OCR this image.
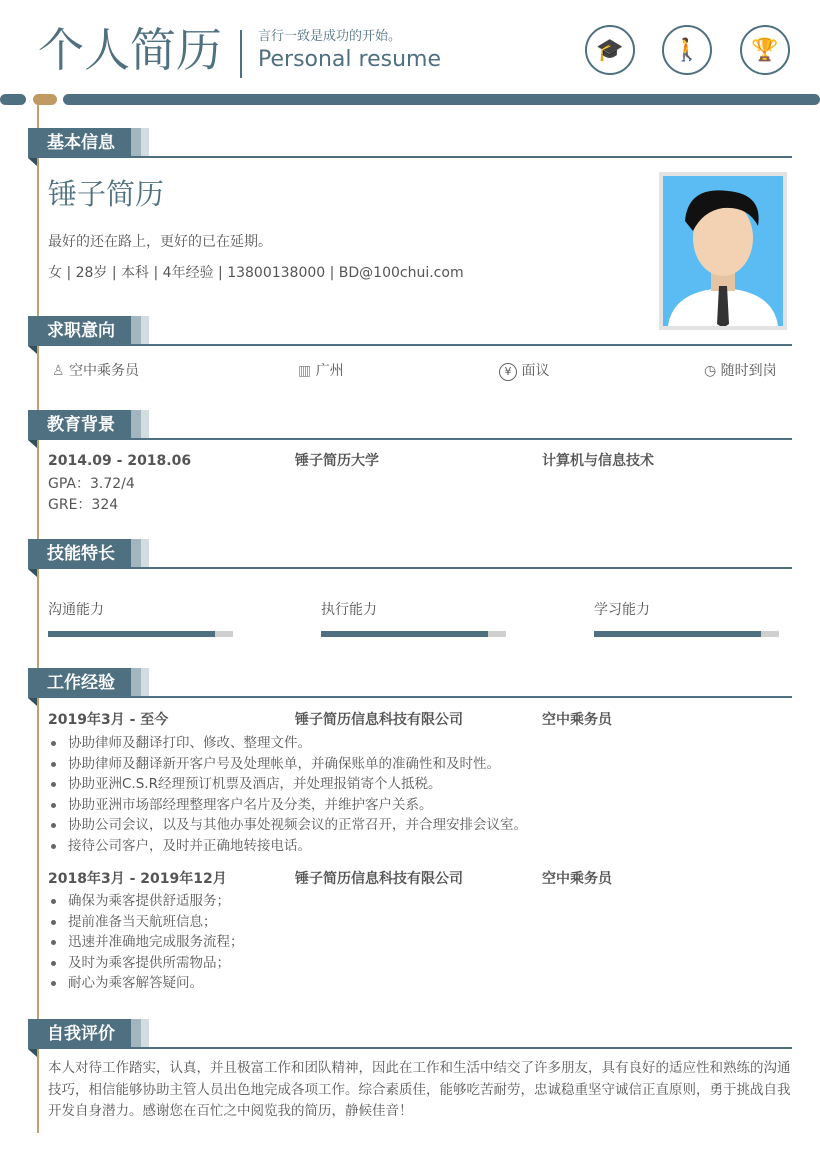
个人简历	言行一致是成功的开始。
Personal resume	🎓	🚶	🏆
基本信息
锤子简历
最好的还在路上，更好的已在延期。
女 | 28岁 | 本科 | 4年经验 | 13800138000 | BD@100chui.com
求职意向
♙ 空中乘务员	▥ 广州	¥ 面议	◷ 随时到岗
教育背景
2014.09 - 2018.06	锤子简历大学	计算机与信息技术
GPA：3.72/4
GRE：324
技能特长
沟通能力	执行能力	学习能力
工作经验
2019年3月 - 至今	锤子简历信息科技有限公司	空中乘务员
协助律师及翻译打印、修改、整理文件。
协助律师及翻译新开客户号及处理帐单，并确保账单的准确性和及时性。
协助亚洲C.S.R经理预订机票及酒店，并处理报销寄个人抵税。
协助亚洲市场部经理整理客户名片及分类，并维护客户关系。
协助公司会议，以及与其他办事处视频会议的正常召开，并合理安排会议室。
接待公司客户，及时并正确地转接电话。
2018年3月 - 2019年12月	锤子简历信息科技有限公司	空中乘务员
确保为乘客提供舒适服务；
提前准备当天航班信息；
迅速并准确地完成服务流程；
及时为乘客提供所需物品；
耐心为乘客解答疑问。
自我评价
本人对待工作踏实，认真，并且极富工作和团队精神，因此在工作和生活中结交了许多朋友，具有良好的适应性和熟练的沟通技巧，相信能够协助主管人员出色地完成各项工作。综合素质佳，能够吃苦耐劳，忠诚稳重坚守诚信正直原则，勇于挑战自我开发自身潜力。感谢您在百忙之中阅览我的简历，静候佳音！
